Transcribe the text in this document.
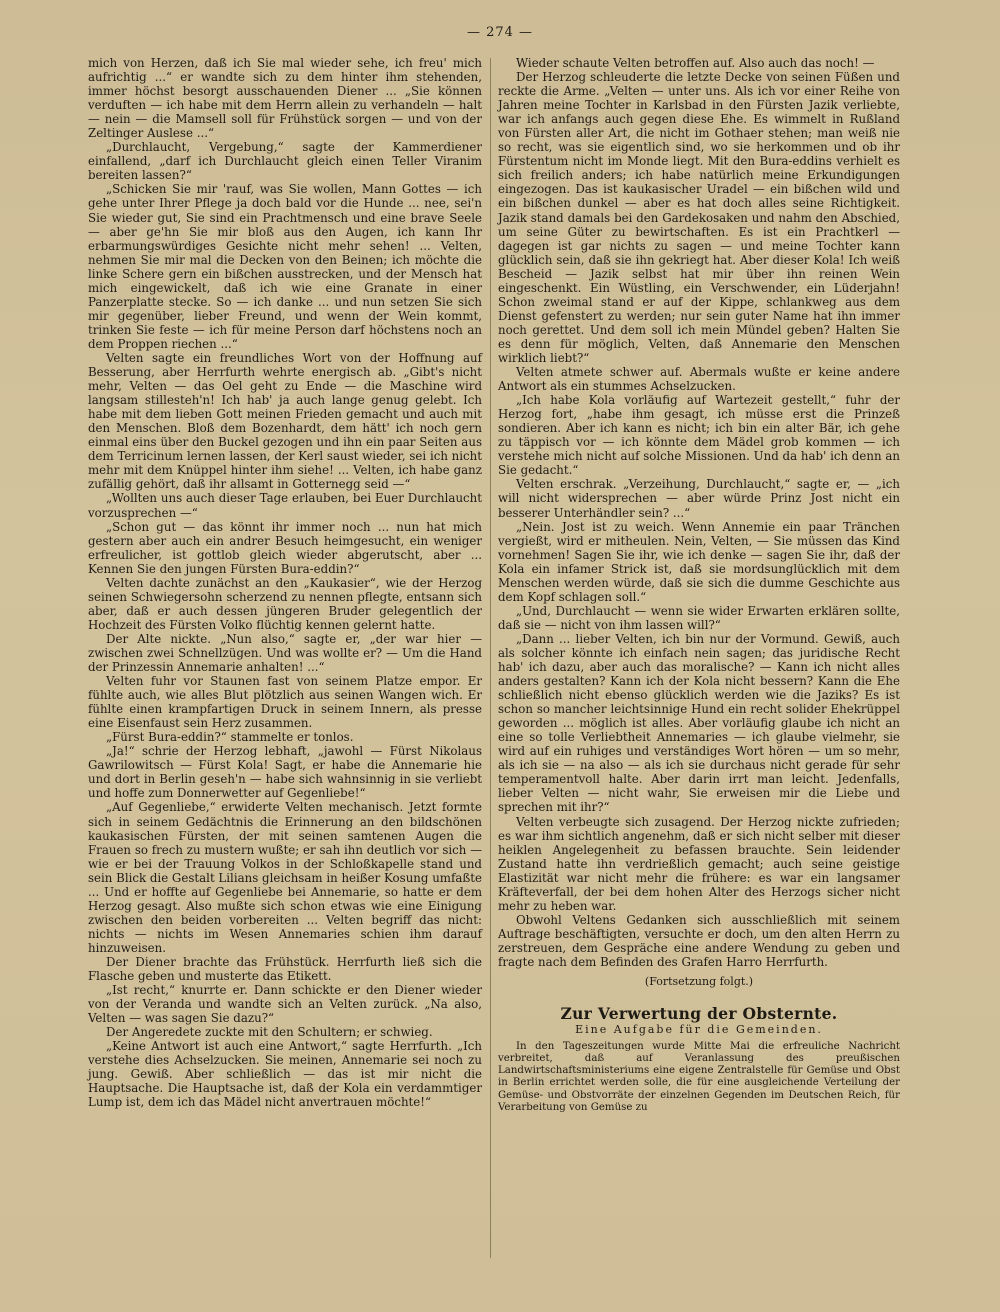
— 274 —

mich von Herzen, daß ich Sie mal wieder sehe, ich freu' mich aufrichtig ...“ er wandte sich zu dem hinter ihm stehenden, immer höchst besorgt ausschauenden Diener ... „Sie können verduften — ich habe mit dem Herrn allein zu verhandeln — halt — nein — die Mamsell soll für Frühstück sorgen — und von der Zeltinger Auslese ...“

„Durchlaucht, Vergebung,“ sagte der Kammerdiener einfallend, „darf ich Durchlaucht gleich einen Teller Viranim bereiten lassen?“

„Schicken Sie mir 'rauf, was Sie wollen, Mann Gottes — ich gehe unter Ihrer Pflege ja doch bald vor die Hunde ... nee, sei'n Sie wieder gut, Sie sind ein Prachtmensch und eine brave Seele — aber ge'hn Sie mir bloß aus den Augen, ich kann Ihr erbarmungswürdiges Gesichte nicht mehr sehen! ... Velten, nehmen Sie mir mal die Decken von den Beinen; ich möchte die linke Schere gern ein bißchen ausstrecken, und der Mensch hat mich eingewickelt, daß ich wie eine Granate in einer Panzerplatte stecke. So — ich danke ... und nun setzen Sie sich mir gegenüber, lieber Freund, und wenn der Wein kommt, trinken Sie feste — ich für meine Person darf höchstens noch an dem Proppen riechen ...“

Velten sagte ein freundliches Wort von der Hoffnung auf Besserung, aber Herrfurth wehrte energisch ab. „Gibt's nicht mehr, Velten — das Oel geht zu Ende — die Maschine wird langsam stillesteh'n! Ich hab' ja auch lange genug gelebt. Ich habe mit dem lieben Gott meinen Frieden gemacht und auch mit den Menschen. Bloß dem Bozenhardt, dem hätt' ich noch gern einmal eins über den Buckel gezogen und ihn ein paar Seiten aus dem Terricinum lernen lassen, der Kerl saust wieder, sei ich nicht mehr mit dem Knüppel hinter ihm siehe! ... Velten, ich habe ganz zufällig gehört, daß ihr allsamt in Gotternegg seid —“

„Wollten uns auch dieser Tage erlauben, bei Euer Durchlaucht vorzusprechen —“

„Schon gut — das könnt ihr immer noch ... nun hat mich gestern aber auch ein andrer Besuch heimgesucht, ein weniger erfreulicher, ist gottlob gleich wieder abgerutscht, aber ... Kennen Sie den jungen Fürsten Bura-eddin?“

Velten dachte zunächst an den „Kaukasier“, wie der Herzog seinen Schwiegersohn scherzend zu nennen pflegte, entsann sich aber, daß er auch dessen jüngeren Bruder gelegentlich der Hochzeit des Fürsten Volko flüchtig kennen gelernt hatte.

Der Alte nickte. „Nun also,“ sagte er, „der war hier — zwischen zwei Schnellzügen. Und was wollte er? — Um die Hand der Prinzessin Annemarie anhalten! ...“

Velten fuhr vor Staunen fast von seinem Platze empor. Er fühlte auch, wie alles Blut plötzlich aus seinen Wangen wich. Er fühlte einen krampfartigen Druck in seinem Innern, als presse eine Eisenfaust sein Herz zusammen.

„Fürst Bura-eddin?“ stammelte er tonlos.

„Ja!“ schrie der Herzog lebhaft, „jawohl — Fürst Nikolaus Gawrilowitsch — Fürst Kola! Sagt, er habe die Annemarie hie und dort in Berlin geseh'n — habe sich wahnsinnig in sie verliebt und hoffe zum Donnerwetter auf Gegenliebe!“

„Auf Gegenliebe,“ erwiderte Velten mechanisch. Jetzt formte sich in seinem Gedächtnis die Erinnerung an den bildschönen kaukasischen Fürsten, der mit seinen samtenen Augen die Frauen so frech zu mustern wußte; er sah ihn deutlich vor sich — wie er bei der Trauung Volkos in der Schloßkapelle stand und sein Blick die Gestalt Lilians gleichsam in heißer Kosung umfaßte ... Und er hoffte auf Gegenliebe bei Annemarie, so hatte er dem Herzog gesagt. Also mußte sich schon etwas wie eine Einigung zwischen den beiden vorbereiten ... Velten begriff das nicht: nichts — nichts im Wesen Annemaries schien ihm darauf hinzuweisen.

Der Diener brachte das Frühstück. Herrfurth ließ sich die Flasche geben und musterte das Etikett.

„Ist recht,“ knurrte er. Dann schickte er den Diener wieder von der Veranda und wandte sich an Velten zurück. „Na also, Velten — was sagen Sie dazu?“

Der Angeredete zuckte mit den Schultern; er schwieg.

„Keine Antwort ist auch eine Antwort,“ sagte Herrfurth. „Ich verstehe dies Achselzucken. Sie meinen, Annemarie sei noch zu jung. Gewiß. Aber schließlich — das ist mir nicht die Hauptsache. Die Hauptsache ist, daß der Kola ein verdammtiger Lump ist, dem ich das Mädel nicht anvertrauen möchte!“

Wieder schaute Velten betroffen auf. Also auch das noch! —

Der Herzog schleuderte die letzte Decke von seinen Füßen und reckte die Arme. „Velten — unter uns. Als ich vor einer Reihe von Jahren meine Tochter in Karlsbad in den Fürsten Jazik verliebte, war ich anfangs auch gegen diese Ehe. Es wimmelt in Rußland von Fürsten aller Art, die nicht im Gothaer stehen; man weiß nie so recht, was sie eigentlich sind, wo sie herkommen und ob ihr Fürstentum nicht im Monde liegt. Mit den Bura-eddins verhielt es sich freilich anders; ich habe natürlich meine Erkundigungen eingezogen. Das ist kaukasischer Uradel — ein bißchen wild und ein bißchen dunkel — aber es hat doch alles seine Richtigkeit. Jazik stand damals bei den Gardekosaken und nahm den Abschied, um seine Güter zu bewirtschaften. Es ist ein Prachtkerl — dagegen ist gar nichts zu sagen — und meine Tochter kann glücklich sein, daß sie ihn gekriegt hat. Aber dieser Kola! Ich weiß Bescheid — Jazik selbst hat mir über ihn reinen Wein eingeschenkt. Ein Wüstling, ein Verschwender, ein Lüderjahn! Schon zweimal stand er auf der Kippe, schlankweg aus dem Dienst gefenstert zu werden; nur sein guter Name hat ihn immer noch gerettet. Und dem soll ich mein Mündel geben? Halten Sie es denn für möglich, Velten, daß Annemarie den Menschen wirklich liebt?“

Velten atmete schwer auf. Abermals wußte er keine andere Antwort als ein stummes Achselzucken.

„Ich habe Kola vorläufig auf Wartezeit gestellt,“ fuhr der Herzog fort, „habe ihm gesagt, ich müsse erst die Prinzeß sondieren. Aber ich kann es nicht; ich bin ein alter Bär, ich gehe zu täppisch vor — ich könnte dem Mädel grob kommen — ich verstehe mich nicht auf solche Missionen. Und da hab' ich denn an Sie gedacht.“

Velten erschrak. „Verzeihung, Durchlaucht,“ sagte er, — „ich will nicht widersprechen — aber würde Prinz Jost nicht ein besserer Unterhändler sein? ...“

„Nein. Jost ist zu weich. Wenn Annemie ein paar Tränchen vergießt, wird er mitheulen. Nein, Velten, — Sie müssen das Kind vornehmen! Sagen Sie ihr, wie ich denke — sagen Sie ihr, daß der Kola ein infamer Strick ist, daß sie mordsunglücklich mit dem Menschen werden würde, daß sie sich die dumme Geschichte aus dem Kopf schlagen soll.“

„Und, Durchlaucht — wenn sie wider Erwarten erklären sollte, daß sie — nicht von ihm lassen will?“

„Dann ... lieber Velten, ich bin nur der Vormund. Gewiß, auch als solcher könnte ich einfach nein sagen; das juridische Recht hab' ich dazu, aber auch das moralische? — Kann ich nicht alles anders gestalten? Kann ich der Kola nicht bessern? Kann die Ehe schließlich nicht ebenso glücklich werden wie die Jaziks? Es ist schon so mancher leichtsinnige Hund ein recht solider Ehekrüppel geworden ... möglich ist alles. Aber vorläufig glaube ich nicht an eine so tolle Verliebtheit Annemaries — ich glaube vielmehr, sie wird auf ein ruhiges und verständiges Wort hören — um so mehr, als ich sie — na also — als ich sie durchaus nicht gerade für sehr temperamentvoll halte. Aber darin irrt man leicht. Jedenfalls, lieber Velten — nicht wahr, Sie erweisen mir die Liebe und sprechen mit ihr?“

Velten verbeugte sich zusagend. Der Herzog nickte zufrieden; es war ihm sichtlich angenehm, daß er sich nicht selber mit dieser heiklen Angelegenheit zu befassen brauchte. Sein leidender Zustand hatte ihn verdrießlich gemacht; auch seine geistige Elastizität war nicht mehr die frühere: es war ein langsamer Kräfteverfall, der bei dem hohen Alter des Herzogs sicher nicht mehr zu heben war.

Obwohl Veltens Gedanken sich ausschließlich mit seinem Auftrage beschäftigten, versuchte er doch, um den alten Herrn zu zerstreuen, dem Gespräche eine andere Wendung zu geben und fragte nach dem Befinden des Grafen Harro Herrfurth.

(Fortsetzung folgt.)

Zur Verwertung der Obsternte.
Eine Aufgabe für die Gemeinden.

In den Tageszeitungen wurde Mitte Mai die erfreuliche Nachricht verbreitet, daß auf Veranlassung des preußischen Landwirtschaftsministeriums eine eigene Zentralstelle für Gemüse und Obst in Berlin errichtet werden solle, die für eine ausgleichende Verteilung der Gemüse- und Obstvorräte der einzelnen Gegenden im Deutschen Reich, für Verarbeitung von Gemüse zu
